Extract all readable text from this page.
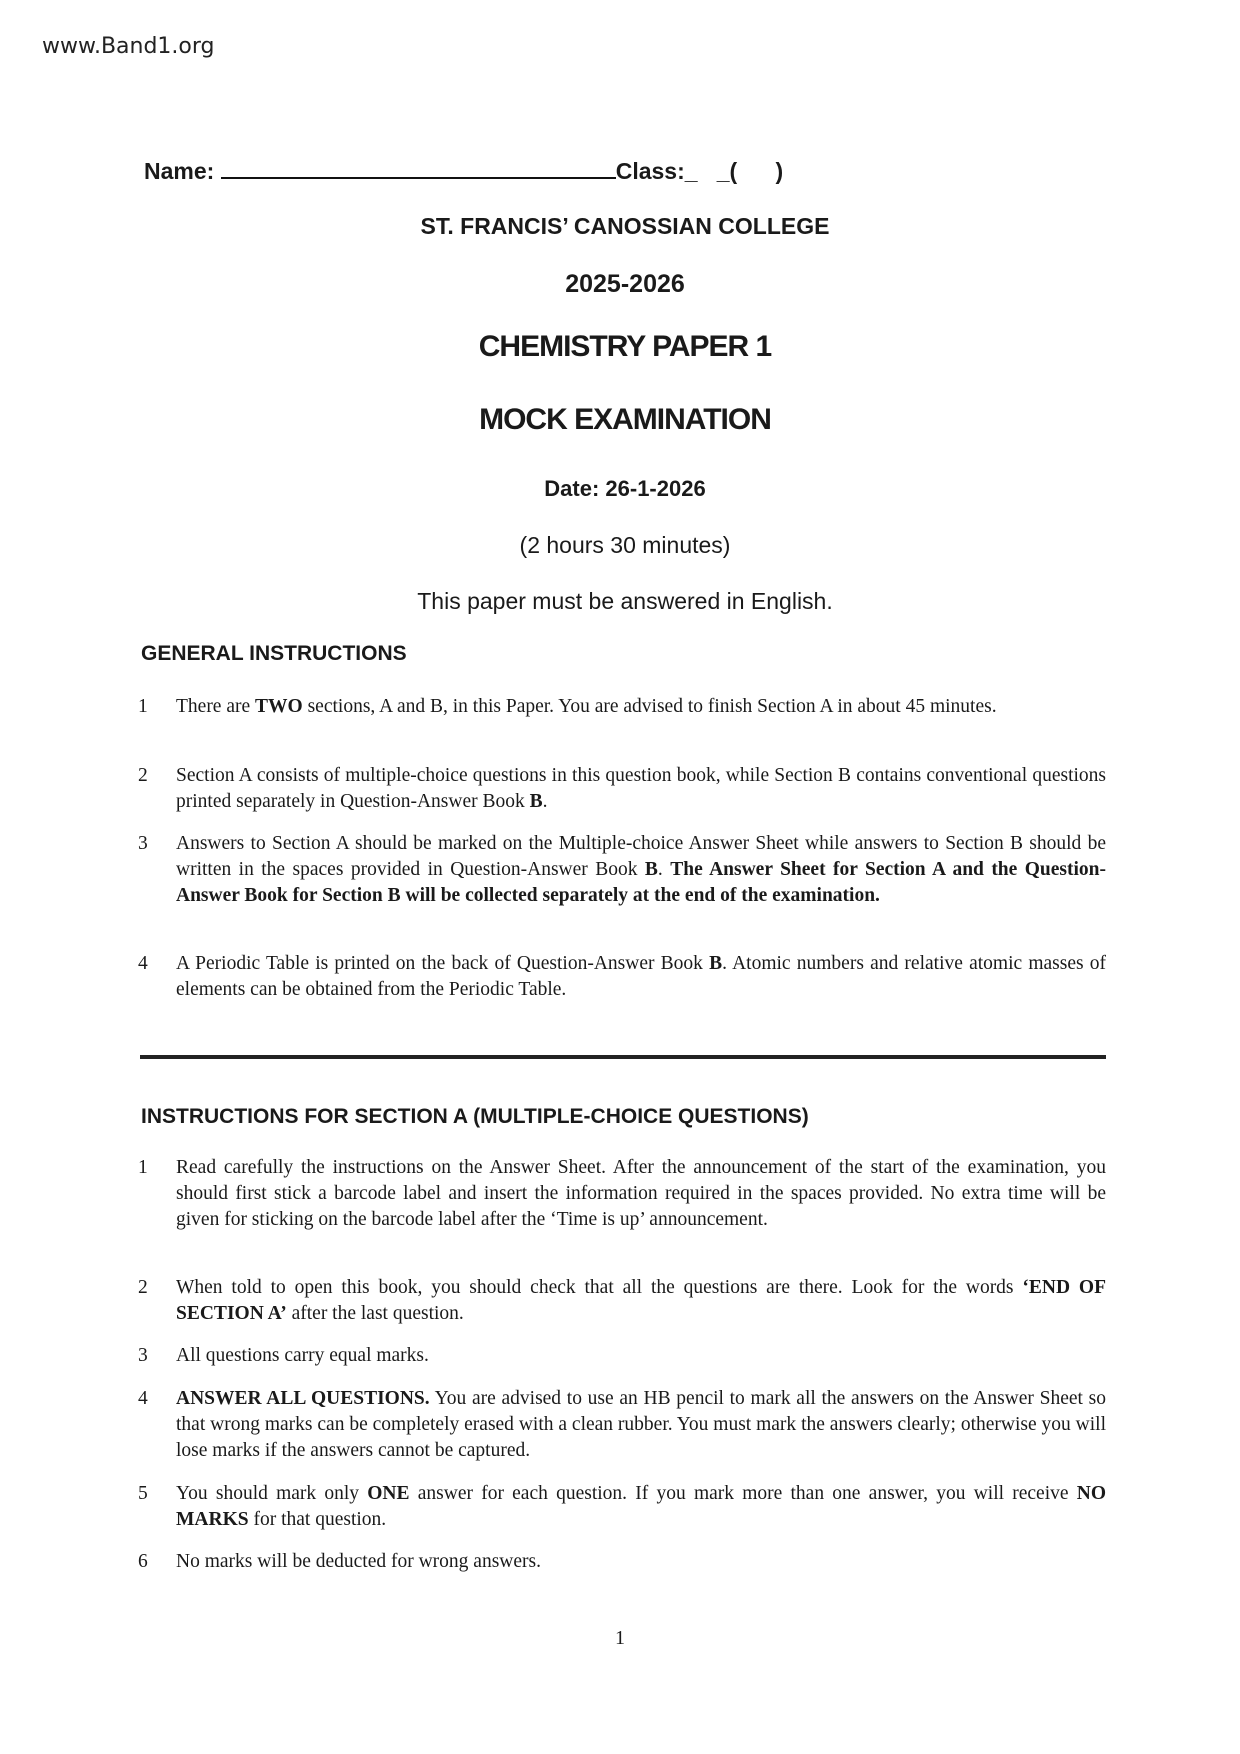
www.Band1.org
Name:	Class:_   _(      )
ST. FRANCIS’ CANOSSIAN COLLEGE
2025-2026
CHEMISTRY PAPER 1
MOCK EXAMINATION
Date: 26-1-2026
(2 hours 30 minutes)
This paper must be answered in English.
GENERAL INSTRUCTIONS
1 There are TWO sections, A and B, in this Paper. You are advised to finish Section A in about 45 minutes.
2 Section A consists of multiple-choice questions in this question book, while Section B contains conventional questions printed separately in Question-Answer Book B.
3 Answers to Section A should be marked on the Multiple-choice Answer Sheet while answers to Section B should be written in the spaces provided in Question-Answer Book B. The Answer Sheet for Section A and the Question-Answer Book for Section B will be collected separately at the end of the examination.
4 A Periodic Table is printed on the back of Question-Answer Book B. Atomic numbers and relative atomic masses of elements can be obtained from the Periodic Table.
INSTRUCTIONS FOR SECTION A (MULTIPLE-CHOICE QUESTIONS)
1 Read carefully the instructions on the Answer Sheet. After the announcement of the start of the examination, you should first stick a barcode label and insert the information required in the spaces provided. No extra time will be given for sticking on the barcode label after the ‘Time is up’ announcement.
2 When told to open this book, you should check that all the questions are there. Look for the words ‘END OF SECTION A’ after the last question.
3 All questions carry equal marks.
4 ANSWER ALL QUESTIONS. You are advised to use an HB pencil to mark all the answers on the Answer Sheet so that wrong marks can be completely erased with a clean rubber. You must mark the answers clearly; otherwise you will lose marks if the answers cannot be captured.
5 You should mark only ONE answer for each question. If you mark more than one answer, you will receive NO MARKS for that question.
6 No marks will be deducted for wrong answers.
1
